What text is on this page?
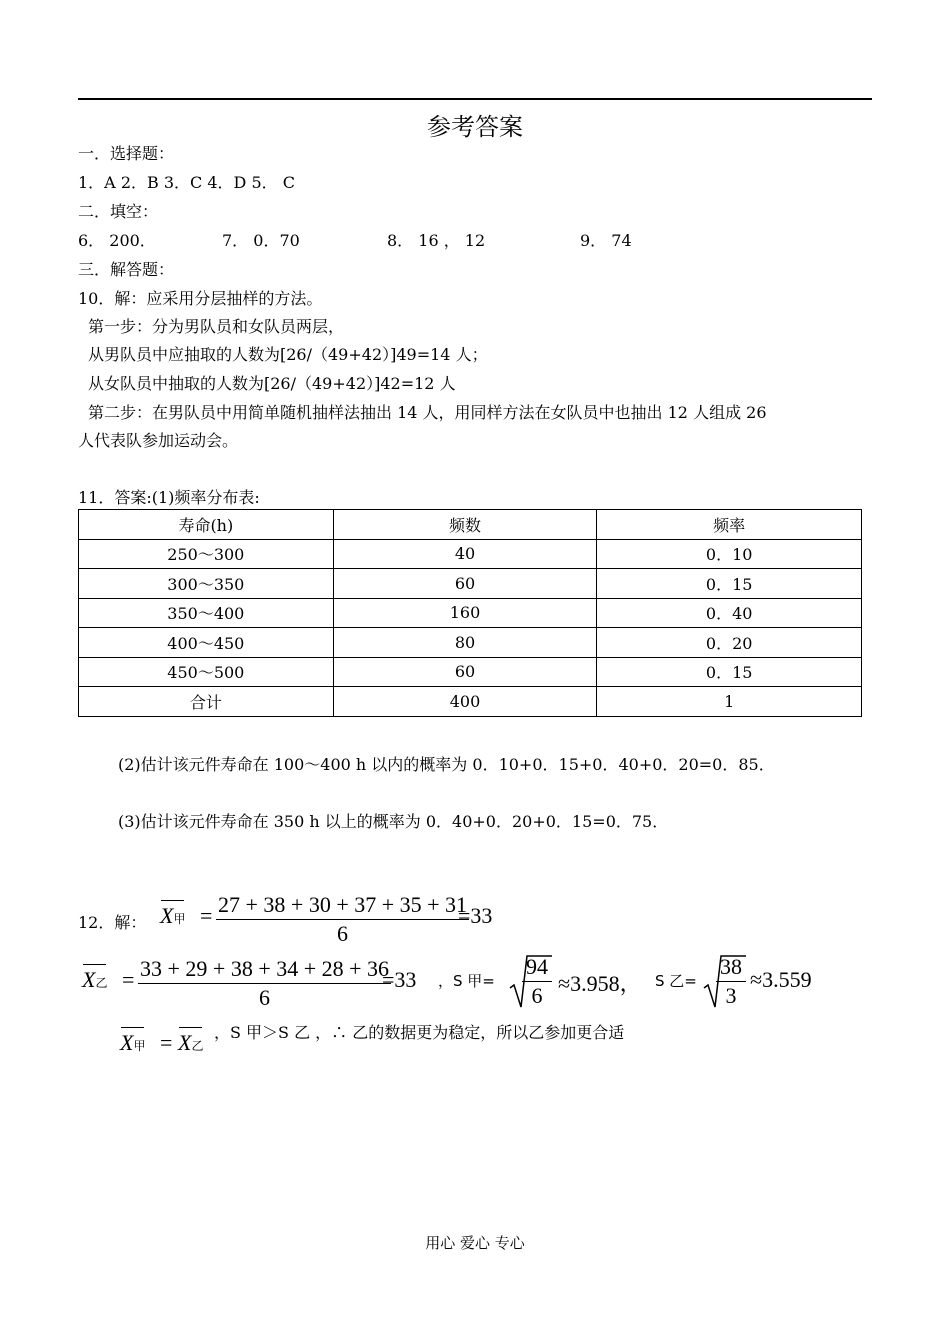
参考答案
一．选择题：
1．A 2．B 3．C 4．D 5． C
二．填空：
6． 200．	7． 0．70	8． 16 ， 12	9． 74
三．解答题：
10．解：应采用分层抽样的方法。
第一步：分为男队员和女队员两层，
从男队员中应抽取的人数为[26/（49+42）]49=14 人；
从女队员中抽取的人数为[26/（49+42）]42=12 人
第二步：在男队员中用简单随机抽样法抽出 14 人，用同样方法在女队员中也抽出 12 人组成 26
人代表队参加运动会。
11．答案:(1)频率分布表:
寿命(h)	频数	频率
250～300	40	0．10
300～350	60	0．15
350～400	160	0．40
400～450	80	0．20
450～500	60	0．15
合计	400	1
(2)估计该元件寿命在 100～400 h 以内的概率为 0．10+0．15+0．40+0．20=0．85．
(3)估计该元件寿命在 350 h 以上的概率为 0．40+0．20+0．15=0．75．
12．解： X甲 = 27 + 38 + 30 + 37 + 35 + 31
6
=33
X乙 = 33 + 29 + 38 + 34 + 28 + 36
6
=33 ，S 甲=
94
6 ≈3.958， S 乙=
38
3
≈3.559
X甲 = X乙
，S 甲＞S 乙 ，∴ 乙的数据更为稳定，所以乙参加更合适
用心 爱心 专心
